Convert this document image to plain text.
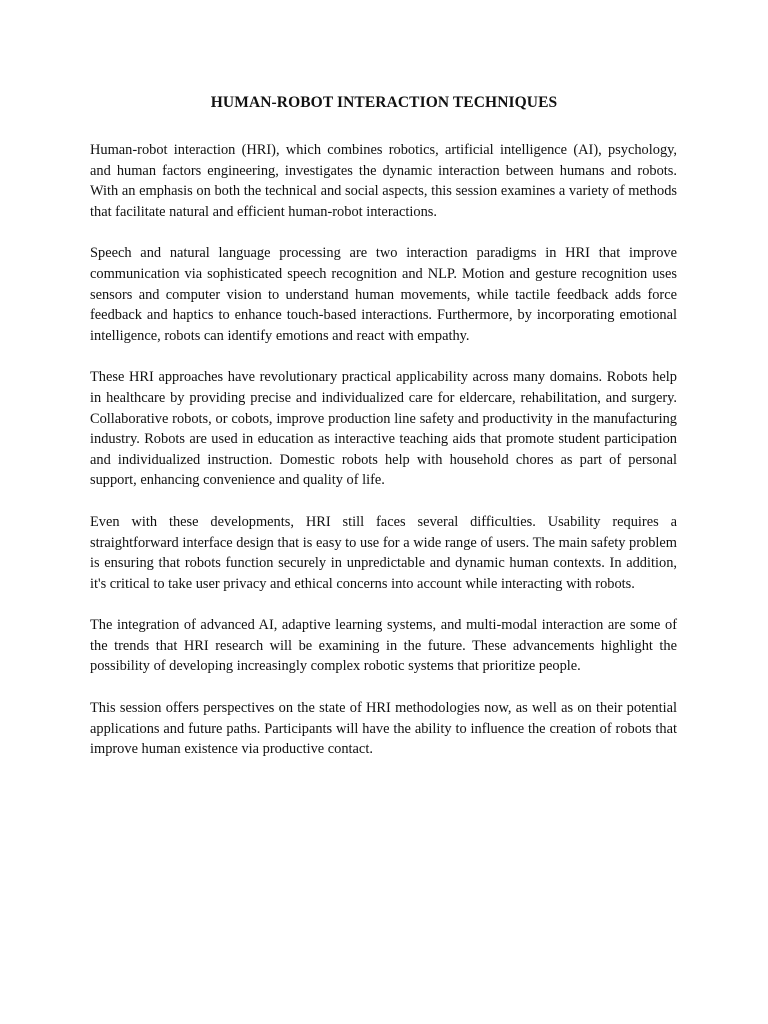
HUMAN-ROBOT INTERACTION TECHNIQUES

Human-robot interaction (HRI), which combines robotics, artificial intelligence (AI), psychology, and human factors engineering, investigates the dynamic interaction between humans and robots. With an emphasis on both the technical and social aspects, this session examines a variety of methods that facilitate natural and efficient human-robot interactions.

Speech and natural language processing are two interaction paradigms in HRI that improve communication via sophisticated speech recognition and NLP. Motion and gesture recognition uses sensors and computer vision to understand human movements, while tactile feedback adds force feedback and haptics to enhance touch-based interactions. Furthermore, by incorporating emotional intelligence, robots can identify emotions and react with empathy.

These HRI approaches have revolutionary practical applicability across many domains. Robots help in healthcare by providing precise and individualized care for eldercare, rehabilitation, and surgery. Collaborative robots, or cobots, improve production line safety and productivity in the manufacturing industry. Robots are used in education as interactive teaching aids that promote student participation and individualized instruction. Domestic robots help with household chores as part of personal support, enhancing convenience and quality of life.

Even with these developments, HRI still faces several difficulties. Usability requires a straightforward interface design that is easy to use for a wide range of users. The main safety problem is ensuring that robots function securely in unpredictable and dynamic human contexts. In addition, it's critical to take user privacy and ethical concerns into account while interacting with robots.

The integration of advanced AI, adaptive learning systems, and multi-modal interaction are some of the trends that HRI research will be examining in the future. These advancements highlight the possibility of developing increasingly complex robotic systems that prioritize people.

This session offers perspectives on the state of HRI methodologies now, as well as on their potential applications and future paths. Participants will have the ability to influence the creation of robots that improve human existence via productive contact.
